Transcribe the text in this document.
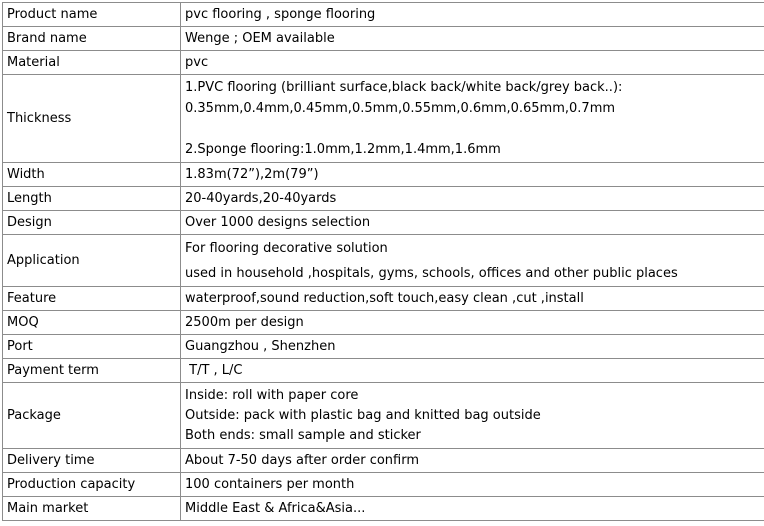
Product name	pvc flooring , sponge flooring
Brand name	Wenge ; OEM available
Material	pvc
Thickness	1.PVC flooring (brilliant surface,black back/white back/grey back..):
0.35mm,0.4mm,0.45mm,0.5mm,0.55mm,0.6mm,0.65mm,0.7mm
2.Sponge flooring:1.0mm,1.2mm,1.4mm,1.6mm

Width	1.83m(72”),2m(79”)
Length	20-40yards,20-40yards
Design	Over 1000 designs selection
Application	For flooring decorative solution
used in household ,hospitals, gyms, schools, offices and other public places

Feature	waterproof,sound reduction,soft touch,easy clean ,cut ,install
MOQ	2500m per design
Port	Guangzhou , Shenzhen
Payment term	T/T , L/C
Package	Inside: roll with paper core
Outside: pack with plastic bag and knitted bag outside
Both ends: small sample and sticker

Delivery time	About 7-50 days after order confirm
Production capacity	100 containers per month
Main market	Middle East & Africa&Asia...
